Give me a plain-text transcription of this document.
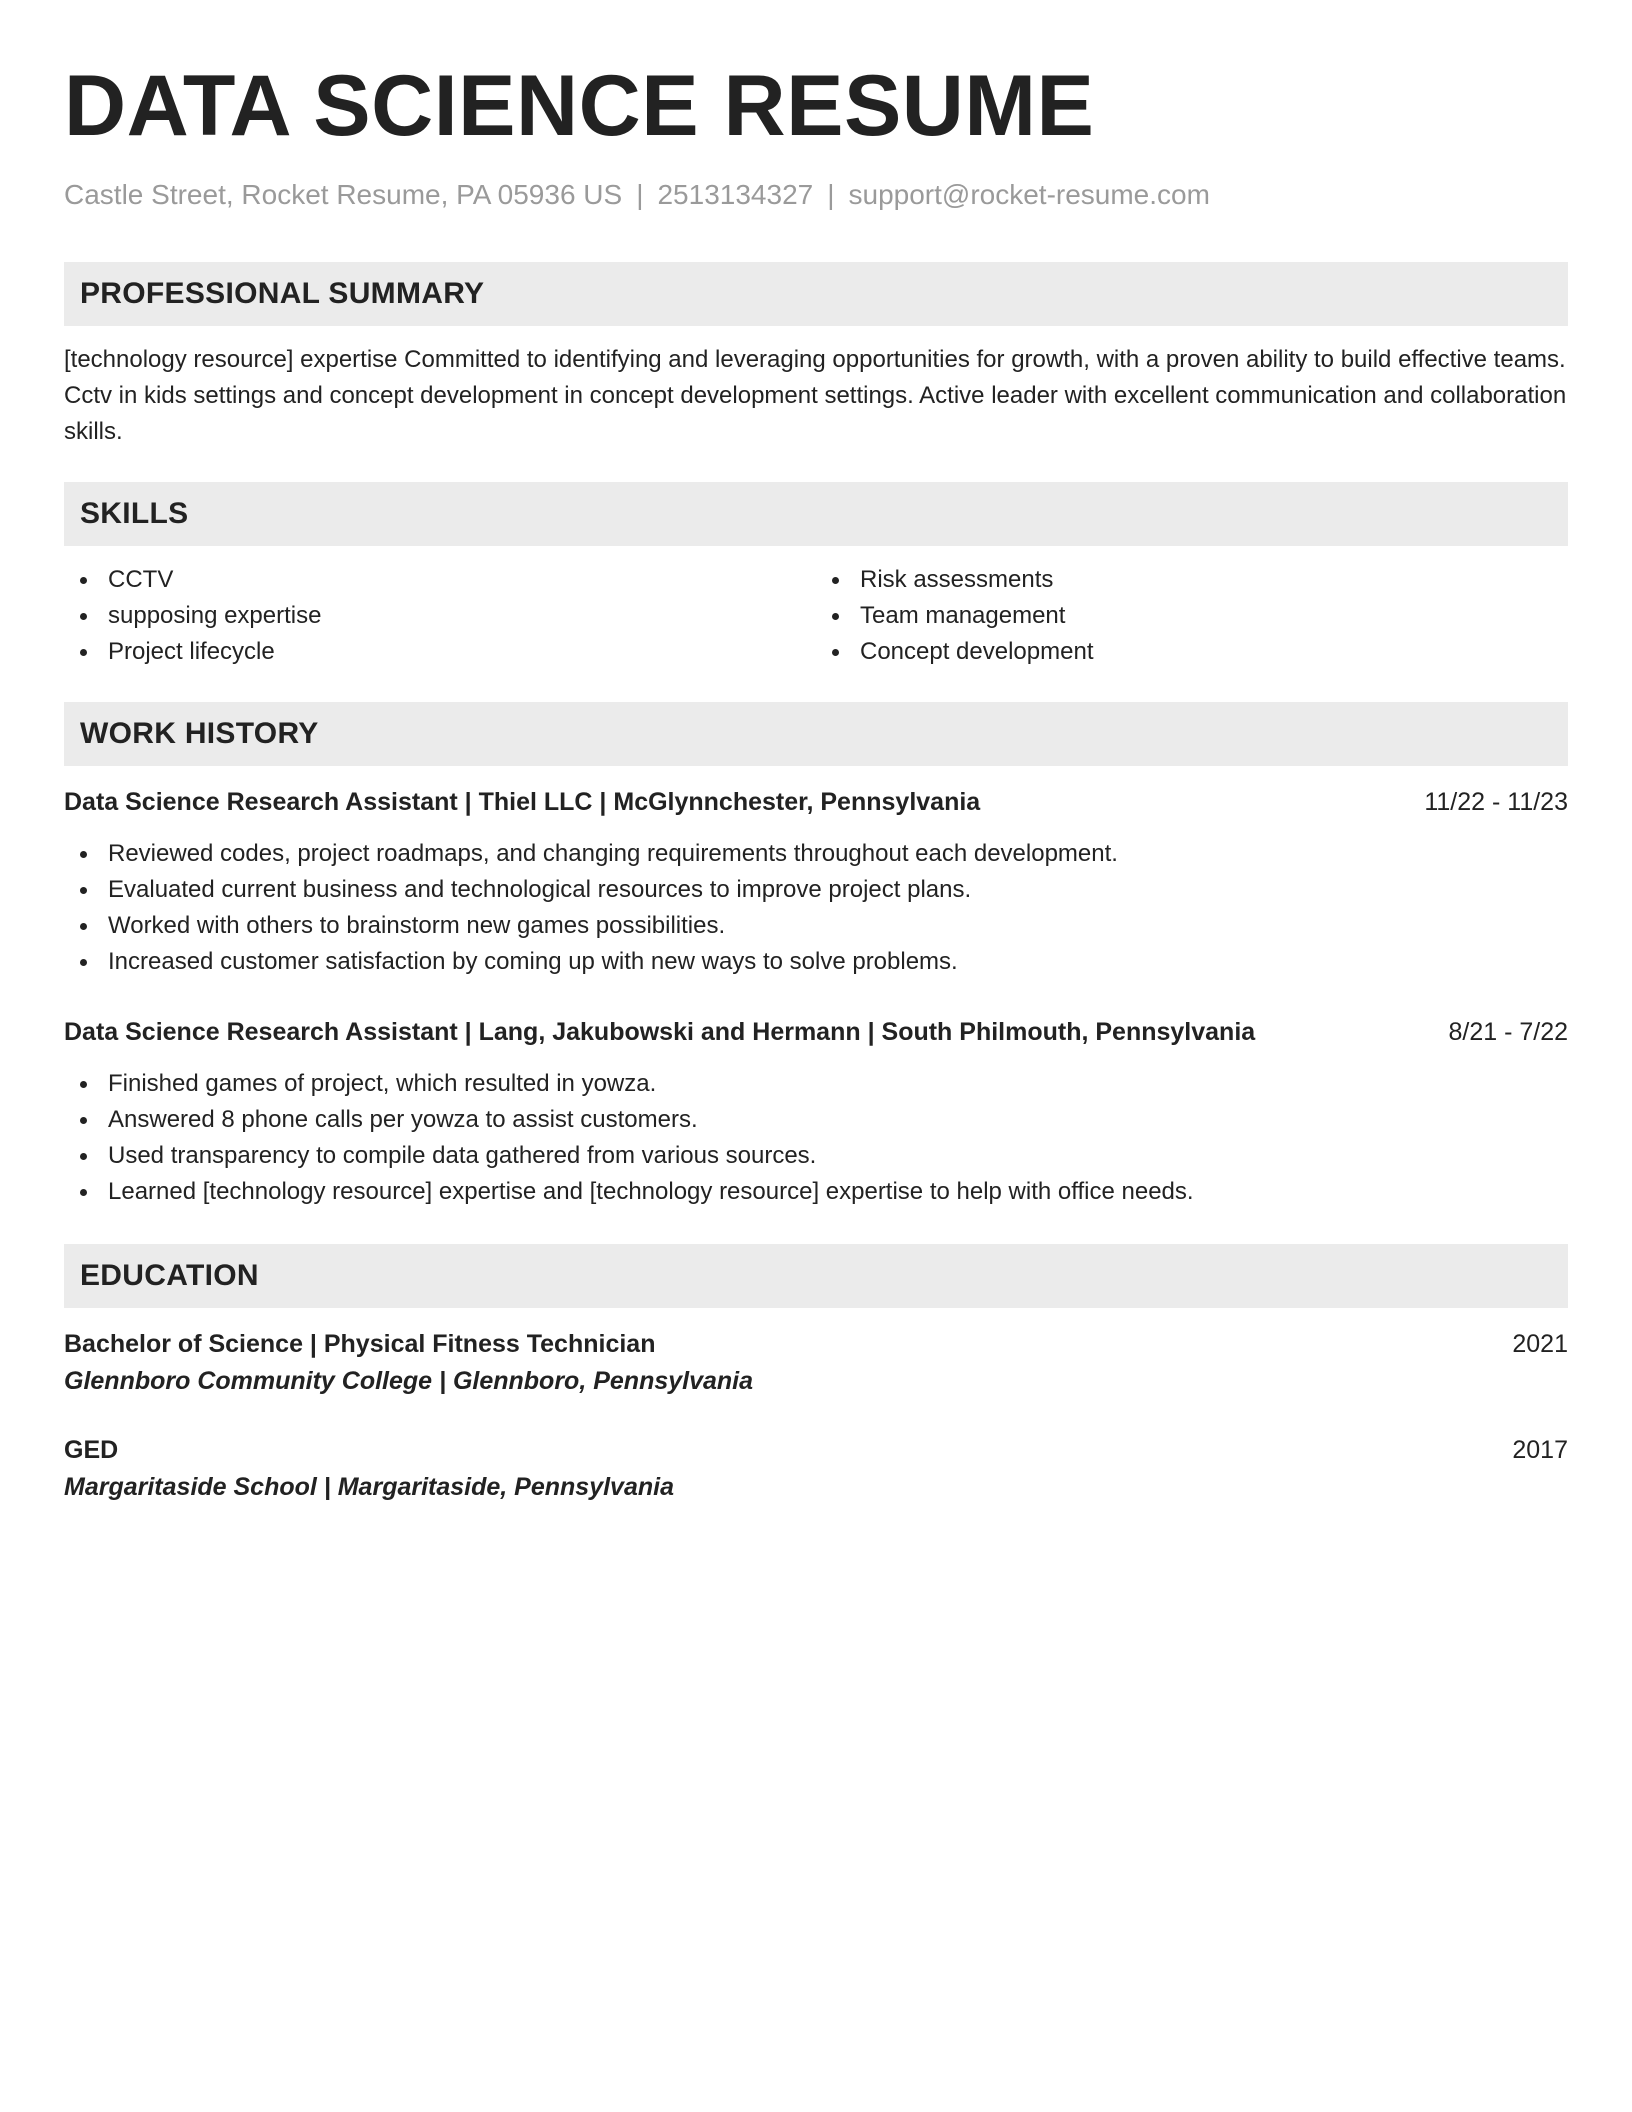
DATA SCIENCE RESUME
Castle Street, Rocket Resume, PA 05936 US | 2513134327 | support@rocket-resume.com
PROFESSIONAL SUMMARY
[technology resource] expertise Committed to identifying and leveraging opportunities for growth, with a proven ability to build effective teams. Cctv in kids settings and concept development in concept development settings. Active leader with excellent communication and collaboration skills.
SKILLS
CCTV
supposing expertise
Project lifecycle
Risk assessments
Team management
Concept development
WORK HISTORY
Data Science Research Assistant | Thiel LLC | McGlynnchester, Pennsylvania	11/22 - 11/23
Reviewed codes, project roadmaps, and changing requirements throughout each development.
Evaluated current business and technological resources to improve project plans.
Worked with others to brainstorm new games possibilities.
Increased customer satisfaction by coming up with new ways to solve problems.
Data Science Research Assistant | Lang, Jakubowski and Hermann | South Philmouth, Pennsylvania	8/21 - 7/22
Finished games of project, which resulted in yowza.
Answered 8 phone calls per yowza to assist customers.
Used transparency to compile data gathered from various sources.
Learned [technology resource] expertise and [technology resource] expertise to help with office needs.
EDUCATION
Bachelor of Science | Physical Fitness Technician	2021
Glennboro Community College | Glennboro, Pennsylvania
GED	2017
Margaritaside School | Margaritaside, Pennsylvania
